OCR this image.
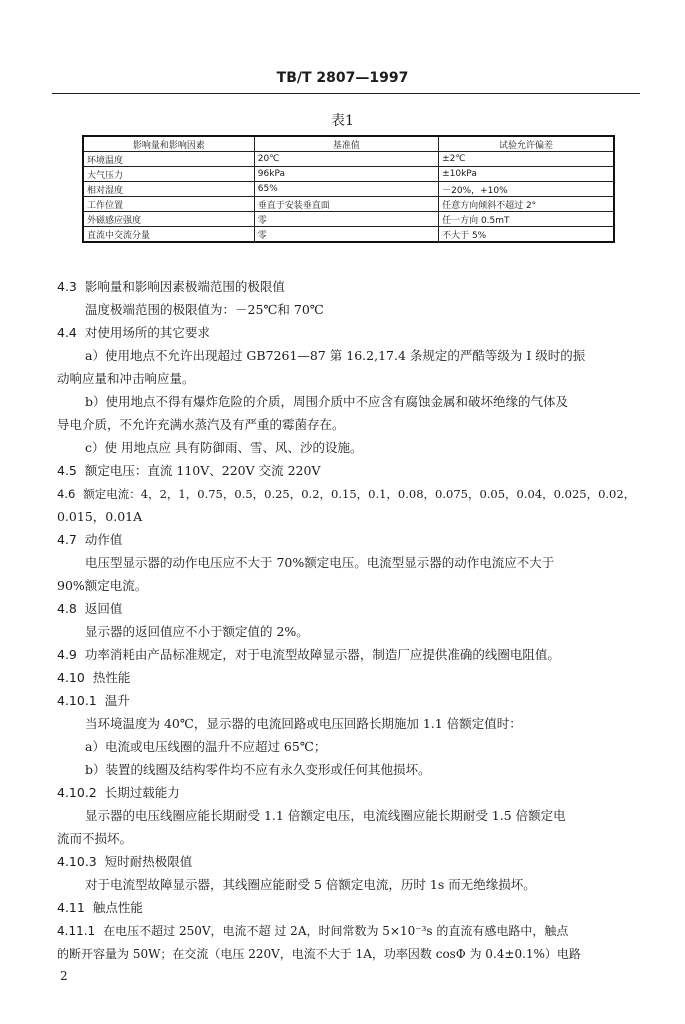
TB/T 2807—1997
表1
影响量和影响因素	基准值	试验允许偏差
环境温度	20℃	±2℃
大气压力	96kPa	±10kPa
相对湿度	65%	－20%，+10%
工作位置	垂直于安装垂直面	任意方向倾斜不超过 2°
外磁感应强度	零	任一方向 0.5mT
直流中交流分量	零	不大于 5%
4.3 影响量和影响因素极端范围的极限值
温度极端范围的极限值为：－25℃和 70℃
4.4 对使用场所的其它要求
a）使用地点不允许出现超过 GB7261—87 第 16.2,17.4 条规定的严酷等级为 I 级时的振
动响应量和冲击响应量。
b）使用地点不得有爆炸危险的介质，周围介质中不应含有腐蚀金属和破坏绝缘的气体及
导电介质，不允许充满水蒸汽及有严重的霉菌存在。
c）使 用地点应 具有防御雨、雪、风、沙的设施。
4.5 额定电压：直流 110V、220V 交流 220V
4.6 额定电流：4，2，1，0.75，0.5，0.25，0.2，0.15，0.1，0.08，0.075，0.05，0.04，0.025，0.02，
0.015，0.01A
4.7 动作值
电压型显示器的动作电压应不大于 70%额定电压。电流型显示器的动作电流应不大于
90%额定电流。
4.8 返回值
显示器的返回值应不小于额定值的 2%。
4.9 功率消耗由产品标准规定，对于电流型故障显示器，制造厂应提供准确的线圈电阻值。
4.10 热性能
4.10.1 温升
当环境温度为 40℃，显示器的电流回路或电压回路长期施加 1.1 倍额定值时：
a）电流或电压线圈的温升不应超过 65℃；
b）装置的线圈及结构零件均不应有永久变形或任何其他损坏。
4.10.2 长期过载能力
显示器的电压线圈应能长期耐受 1.1 倍额定电压，电流线圈应能长期耐受 1.5 倍额定电
流而不损坏。
4.10.3 短时耐热极限值
对于电流型故障显示器，其线圈应能耐受 5 倍额定电流，历时 1s 而无绝缘损坏。
4.11 触点性能
4.11.1 在电压不超过 250V，电流不超 过 2A，时间常数为 5×10⁻³s 的直流有感电路中，触点
的断开容量为 50W；在交流（电压 220V，电流不大于 1A，功率因数 cosΦ 为 0.4±0.1%）电路
2
